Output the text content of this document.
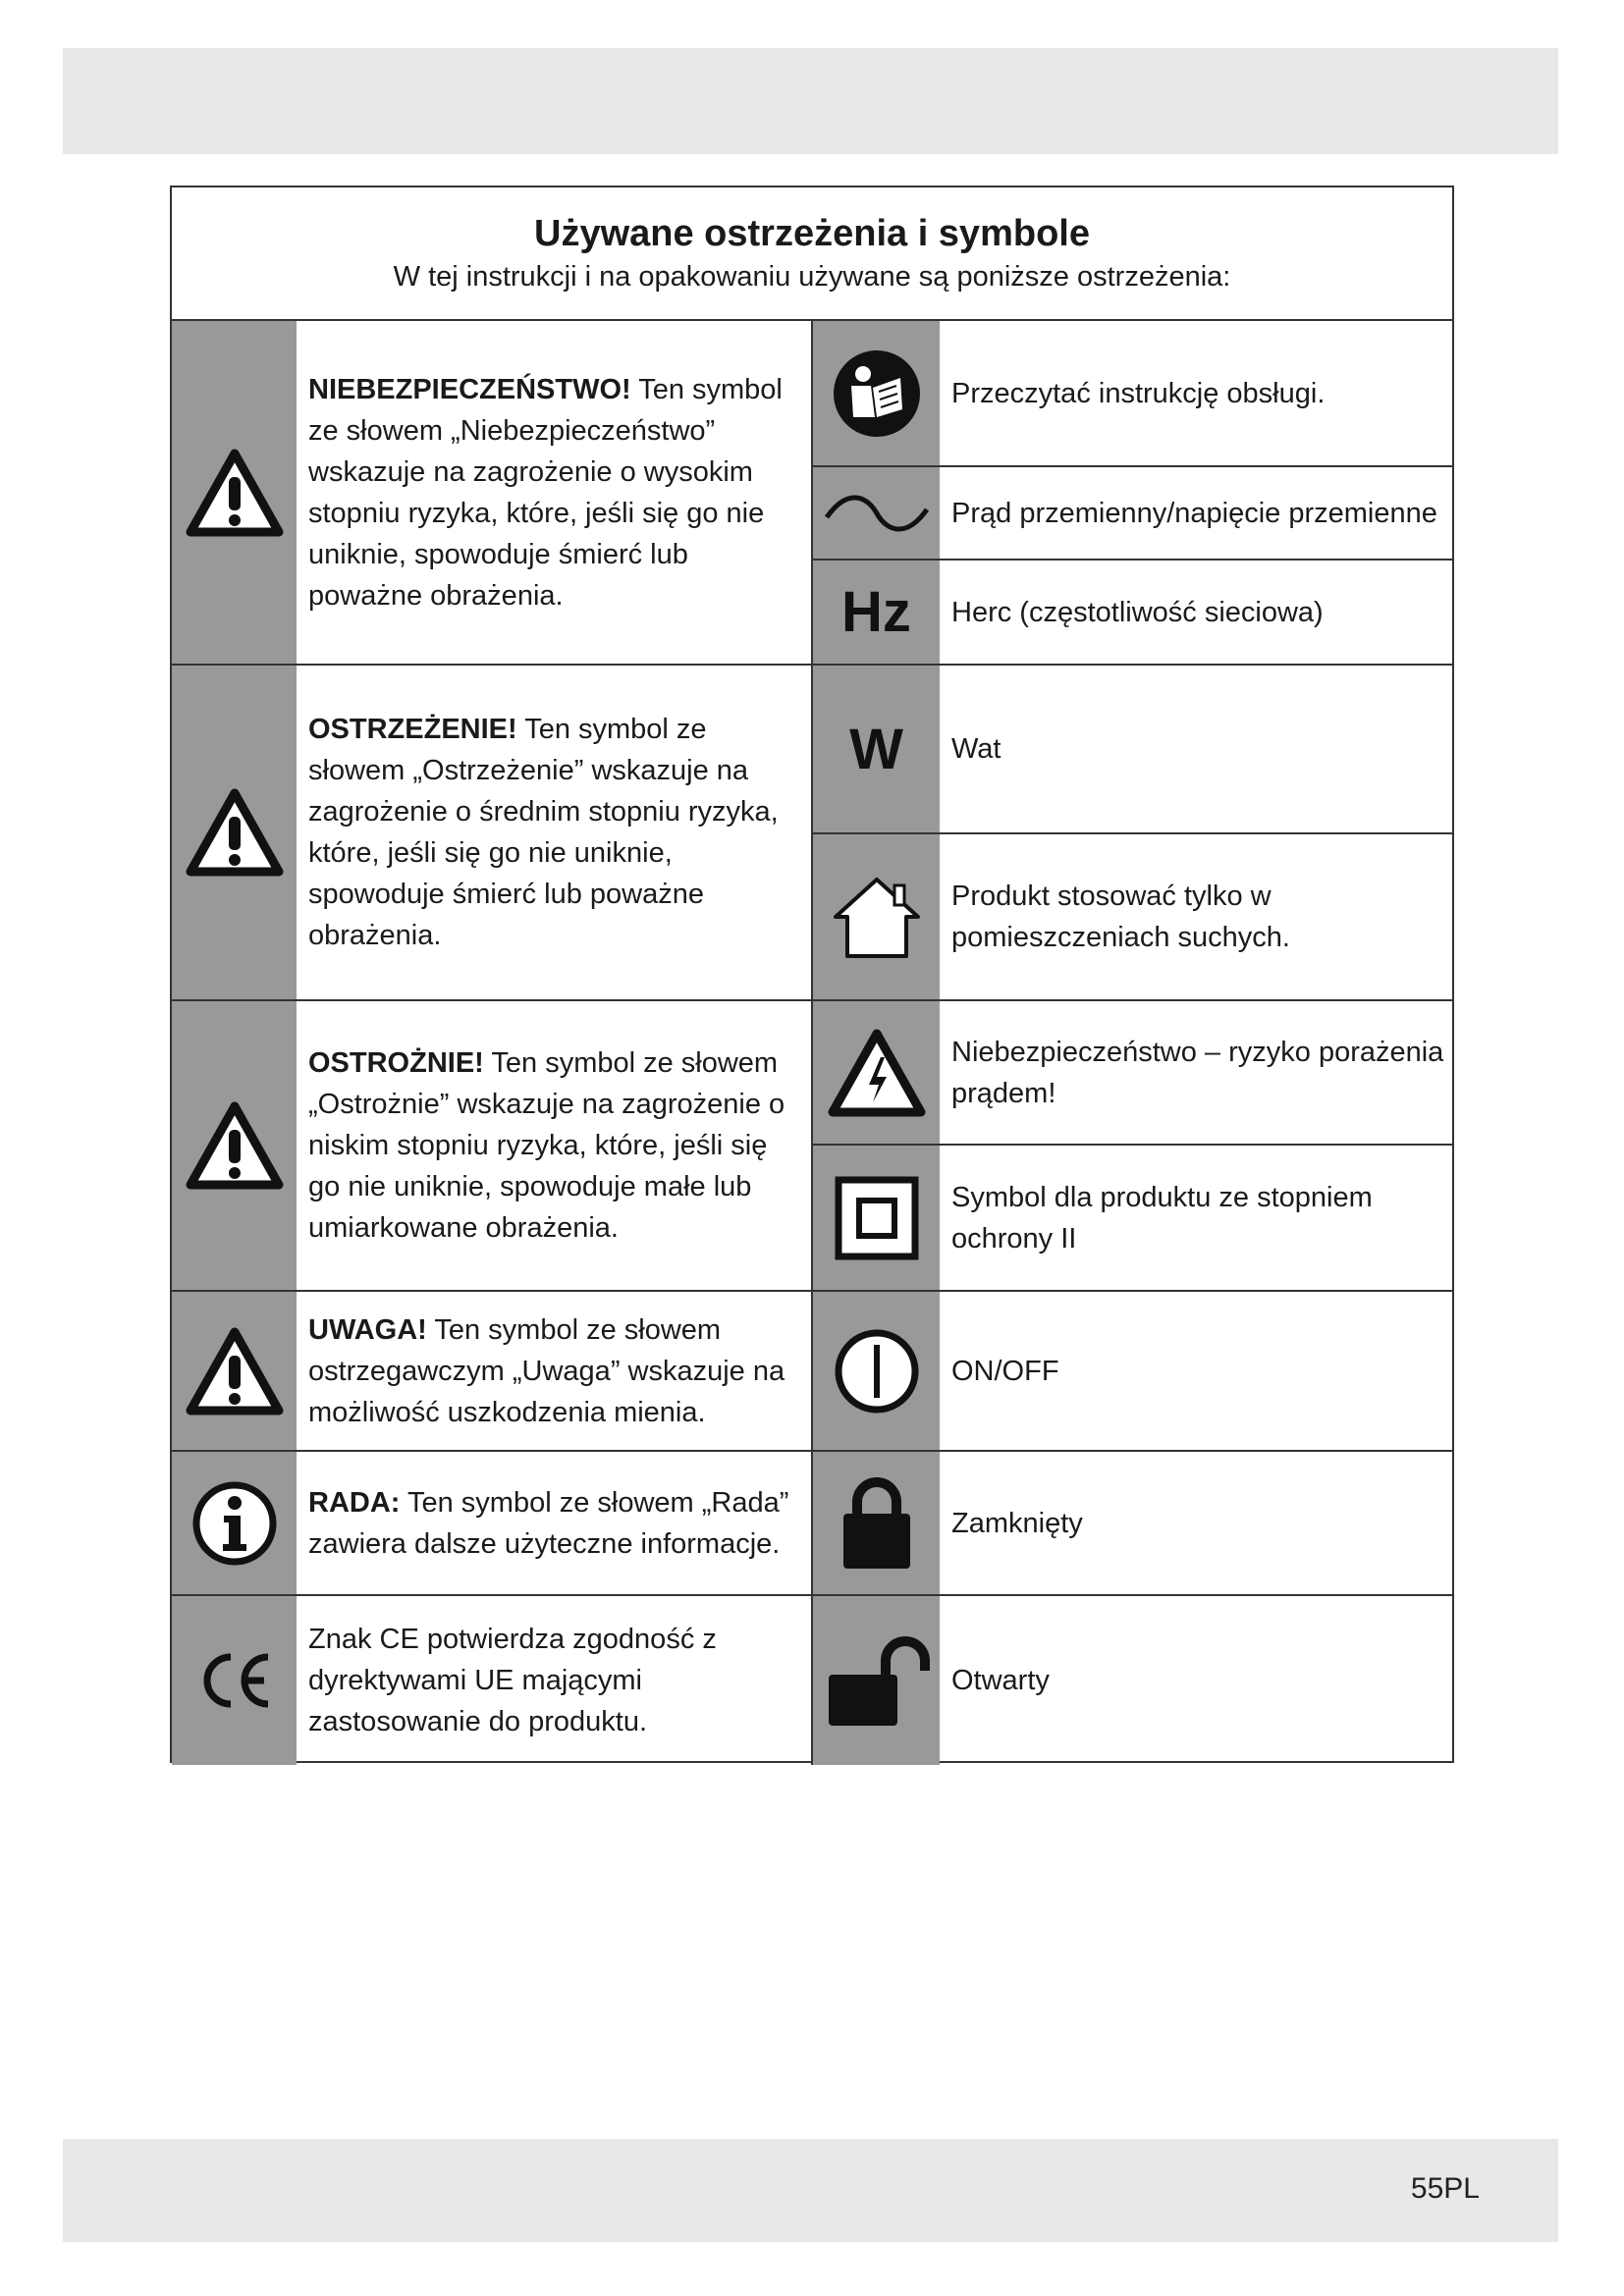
Używane ostrzeżenia i symbole
W tej instrukcji i na opakowaniu używane są poniższe ostrzeżenia:
NIEBEZPIECZEŃSTWO! Ten symbol ze słowem „Niebezpieczeństwo” wskazuje na zagrożenie o wysokim stopniu ryzyka, które, jeśli się go nie uniknie, spowoduje śmierć lub poważne obrażenia.
OSTRZEŻENIE! Ten symbol ze słowem „Ostrzeżenie” wskazuje na zagrożenie o średnim stopniu ryzyka, które, jeśli się go nie uniknie, spowoduje śmierć lub poważne obrażenia.
OSTROŻNIE! Ten symbol ze słowem „Ostrożnie” wskazuje na zagrożenie o niskim stopniu ryzyka, które, jeśli się go nie uniknie, spowoduje małe lub umiarkowane obrażenia.
UWAGA! Ten symbol ze słowem ostrzegawczym „Uwaga” wskazuje na możliwość uszkodzenia mienia.
RADA: Ten symbol ze słowem „Rada” zawiera dalsze użyteczne informacje.
Znak CE potwierdza zgodność z dyrektywami UE mającymi zastosowanie do produktu.
Przeczytać instrukcję obsługi.
Prąd przemienny/napięcie przemienne
Hz	Herc (częstotliwość sieciowa)
W	Wat
Produkt stosować tylko w pomieszczeniach suchych.
Niebezpieczeństwo – ryzyko porażenia prądem!
Symbol dla produktu ze stopniem ochrony II
ON/OFF
Zamknięty
Otwarty
55PL
